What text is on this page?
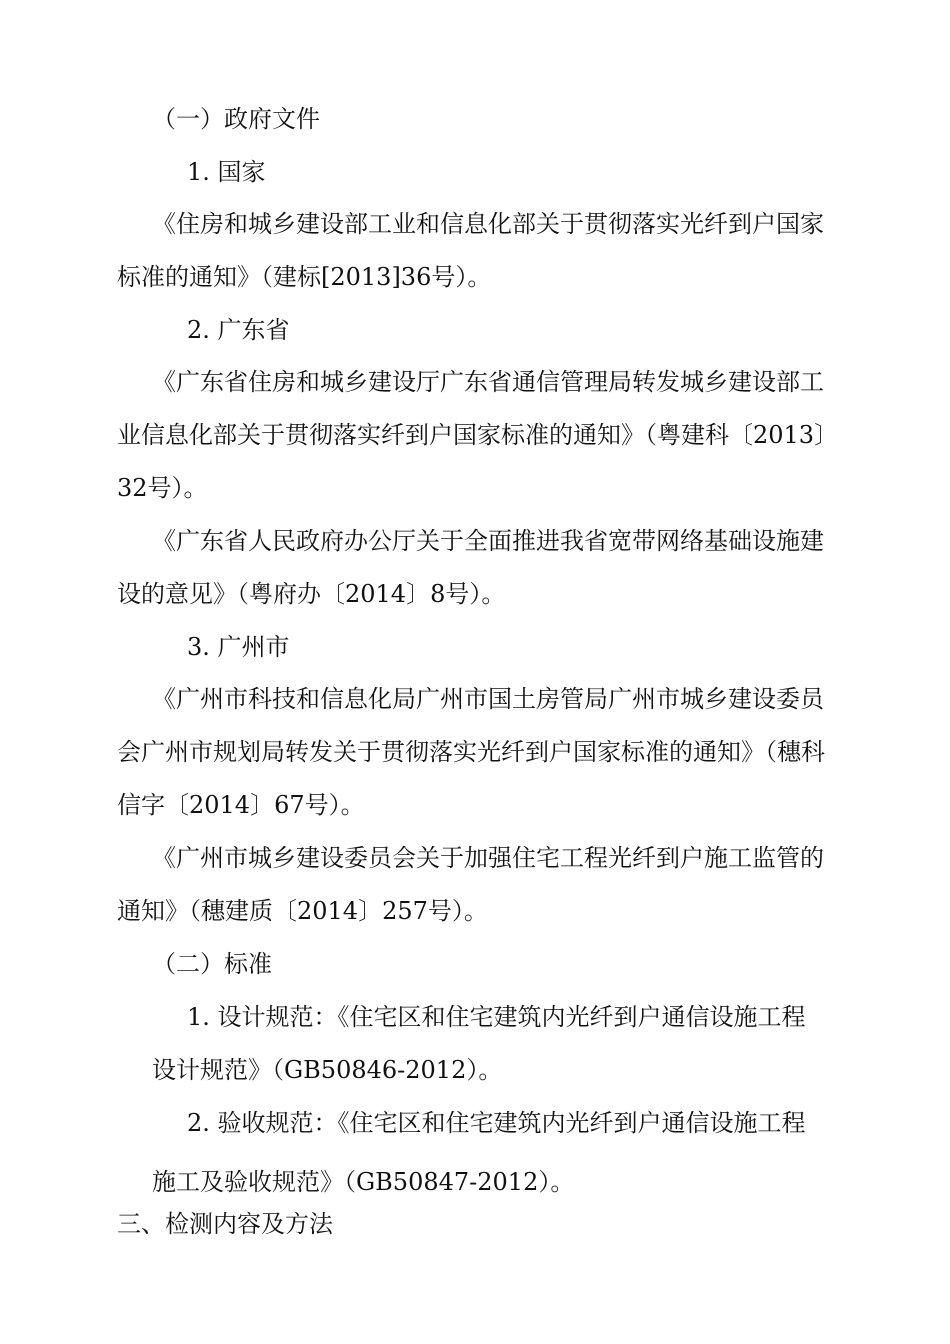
（一）政府文件

1. 国家

《住房和城乡建设部工业和信息化部关于贯彻落实光纤到户国家

标准的通知》（建标[2013]36号）。

2. 广东省

《广东省住房和城乡建设厅广东省通信管理局转发城乡建设部工

业信息化部关于贯彻落实纤到户国家标准的通知》（粤建科〔2013〕

32号）。

《广东省人民政府办公厅关于全面推进我省宽带网络基础设施建

设的意见》（粤府办〔2014〕8号）。

3. 广州市

《广州市科技和信息化局广州市国土房管局广州市城乡建设委员

会广州市规划局转发关于贯彻落实光纤到户国家标准的通知》（穗科

信字〔2014〕67号）。

《广州市城乡建设委员会关于加强住宅工程光纤到户施工监管的

通知》（穗建质〔2014〕257号）。

（二）标准

1. 设计规范：《住宅区和住宅建筑内光纤到户通信设施工程

设计规范》（GB50846-2012）。

2. 验收规范：《住宅区和住宅建筑内光纤到户通信设施工程

施工及验收规范》（GB50847-2012）。

三、检测内容及方法
